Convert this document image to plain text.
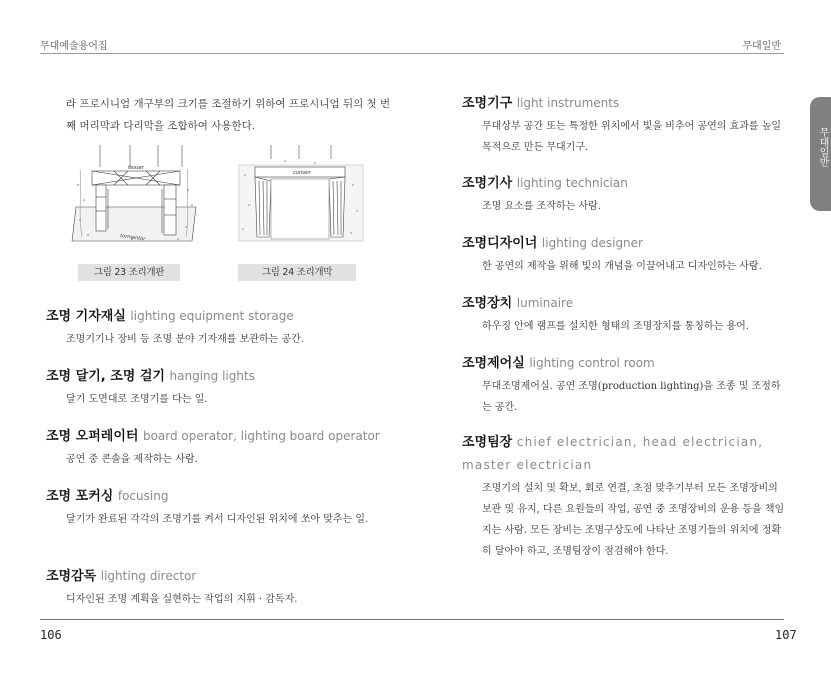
무대예술용어집	무대일반
무대일반
라 프로시니엄 개구부의 크기를 조절하기 위하여 프로시니엄 뒤의 첫 번째 머리막과 다리막을 조합하여 사용한다.
teaser
tormentor
curtain
그림 23 조리개판	그림 24 조리개막
조명 기자재실 lighting equipment storage
조명기기나 장비 등 조명 분야 기자재를 보관하는 공간.
조명 달기, 조명 걸기 hanging lights
달기 도면대로 조명기를 다는 일.
조명 오퍼레이터 board operator, lighting board operator
공연 중 콘솔을 제작하는 사람.
조명 포커싱 focusing
달기가 완료된 각각의 조명기를 켜서 디자인된 위치에 쏘아 맞추는 일.
조명감독 lighting director
디자인된 조명 계획을 실현하는 작업의 지휘 · 감독자.
조명기구 light instruments
무대상부 공간 또는 특정한 위치에서 빛을 비추어 공연의 효과를 높일 목적으로 만든 무대기구.
조명기사 lighting technician
조명 요소를 조작하는 사람.
조명디자이너 lighting designer
한 공연의 제작을 위해 빛의 개념을 이끌어내고 디자인하는 사람.
조명장치 luminaire
하우징 안에 램프를 설치한 형태의 조명장치를 통칭하는 용어.
조명제어실 lighting control room
무대조명제어실. 공연 조명(production lighting)을 조종 및 조정하는 공간.
조명팀장 chief electrician, head electrician, master electrician
조명기의 설치 및 확보, 회로 연결, 초점 맞추기부터 모든 조명장비의 보관 및 유지, 다른 요원들의 작업, 공연 중 조명장비의 운용 등을 책임지는 사람. 모든 장비는 조명구상도에 나타난 조명기들의 위치에 정확히 달아야 하고, 조명팀장이 점검해야 한다.
106	107
